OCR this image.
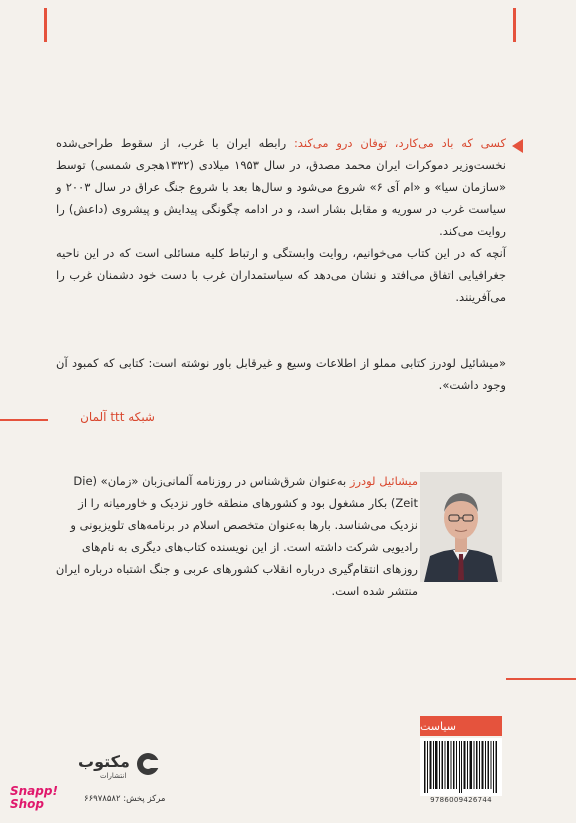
کسی که باد می‌کارد، توفان درو می‌کند: رابطه ایران با غرب، از سقوط طراحی‌شده نخست‌وزیر دموکرات ایران محمد مصدق، در سال ۱۹۵۳ میلادی (۱۳۳۲هجری شمسی) توسط «سازمان سیا» و «ام آی ۶» شروع می‌شود و سال‌ها بعد با شروع جنگ عراق در سال ۲۰۰۳ و سیاست غرب در سوریه و مقابل بشار اسد، و در ادامه چگونگی پیدایش و پیشروی (داعش) را روایت می‌کند.

آنچه که در این کتاب می‌خوانیم، روایت وابستگی و ارتباط کلیه مسائلی است که در این ناحیه جغرافیایی اتفاق می‌افتد و نشان می‌دهد که سیاستمداران غرب با دست خود دشمنان غرب را می‌آفرینند.

«میشائیل لودرز کتابی مملو از اطلاعات وسیع و غیرقابل باور نوشته است: کتابی که کمبود آن وجود داشت».
شبکه ttt آلمان
میشائیل لودرز به‌عنوان شرق‌شناس در روزنامه آلمانی‌زبان «زمان» (Die Zeit) بکار مشغول بود و کشورهای منطقه خاور نزدیک و خاورمیانه را از نزدیک می‌شناسد. بارها به‌عنوان متخصص اسلام در برنامه‌های تلویزیونی و رادیویی شرکت داشته است. از این نویسنده کتاب‌های دیگری به نام‌های روزهای انتقام‌گیری درباره انقلاب کشورهای عربی و جنگ اشتباه درباره ایران منتشر شده است.
سیاست
9786009426744
مکتوب
انتشارات
مرکز پخش: ۶۶۹۷۸۵۸۲
Snapp!
Shop
